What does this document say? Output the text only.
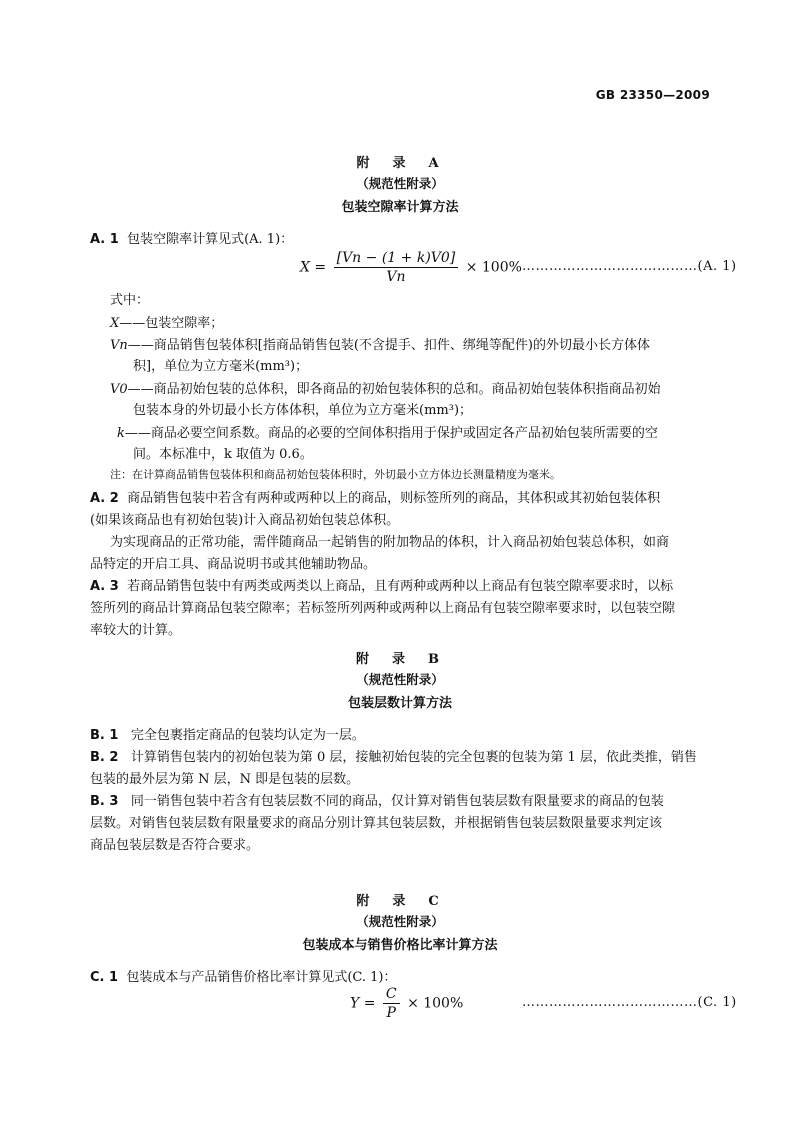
GB 23350—2009
附　录　A
（规范性附录）
包装空隙率计算方法
A. 1 包装空隙率计算见式(A. 1)：
$X = \frac{[Vn - (1 + k)V0]}{Vn} \times 100\%$ …………………………………(A. 1)
式中：
X——包装空隙率；
Vn——商品销售包装体积[指商品销售包装(不含提手、扣件、绑绳等配件)的外切最小长方体体
积]，单位为立方毫米(mm³)；
V0——商品初始包装的总体积，即各商品的初始包装体积的总和。商品初始包装体积指商品初始
包装本身的外切最小长方体体积，单位为立方毫米(mm³)；
k——商品必要空间系数。商品的必要的空间体积指用于保护或固定各产品初始包装所需要的空
间。本标准中，k 取值为 0.6。
注：在计算商品销售包装体积和商品初始包装体积时，外切最小立方体边长测量精度为毫米。
A. 2 商品销售包装中若含有两种或两种以上的商品，则标签所列的商品，其体积或其初始包装体积
(如果该商品也有初始包装)计入商品初始包装总体积。
为实现商品的正常功能，需伴随商品一起销售的附加物品的体积，计入商品初始包装总体积，如商
品特定的开启工具、商品说明书或其他辅助物品。
A. 3 若商品销售包装中有两类或两类以上商品，且有两种或两种以上商品有包装空隙率要求时，以标
签所列的商品计算商品包装空隙率；若标签所列两种或两种以上商品有包装空隙率要求时，以包装空隙
率较大的计算。
附　录　B
（规范性附录）
包装层数计算方法
B. 1 完全包裹指定商品的包装均认定为一层。
B. 2 计算销售包装内的初始包装为第 0 层，接触初始包装的完全包裹的包装为第 1 层，依此类推，销售
包装的最外层为第 N 层，N 即是包装的层数。
B. 3 同一销售包装中若含有包装层数不同的商品，仅计算对销售包装层数有限量要求的商品的包装
层数。对销售包装层数有限量要求的商品分别计算其包装层数，并根据销售包装层数限量要求判定该
商品包装层数是否符合要求。
附　录　C
（规范性附录）
包装成本与销售价格比率计算方法
C. 1 包装成本与产品销售价格比率计算见式(C. 1)：
$Y = \frac{C}{P} \times 100\%$	…………………………………(C. 1)
